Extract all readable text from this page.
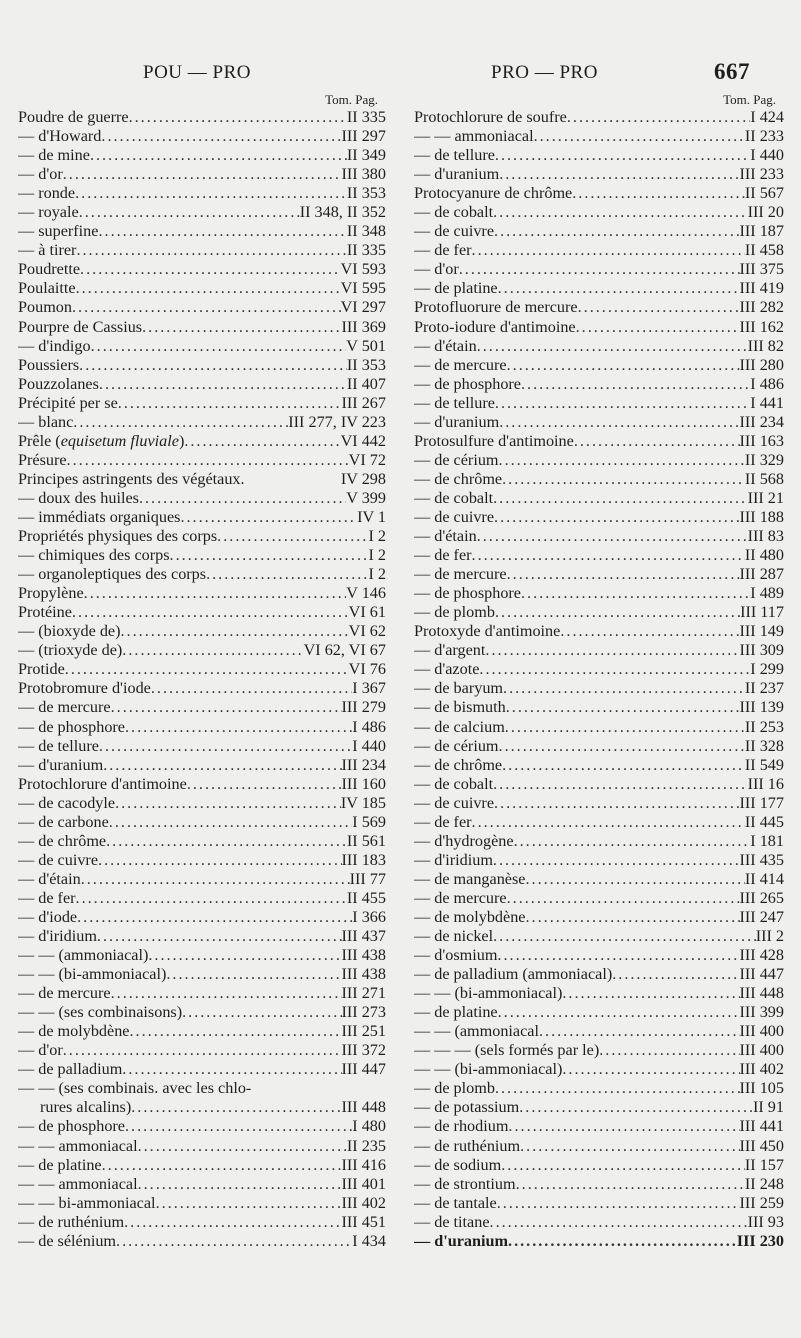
POU — PRO	PRO — PRO	667
Tom. Pag.
Poudre de guerre .....	II 335
— d'Howard .....	III 297
— de mine .....	II 349
— d'or .....	III 380
— ronde .....	II 353
— royale .....	II 348, II 352
— superfine .....	II 348
— à tirer .....	II 335
Poudrette .....	VI 593
Poulaitte .....	VI 595
Poumon .....	VI 297
Pourpre de Cassius .....	III 369
— d'indigo .....	V 501
Poussiers .....	II 353
Pouzzolanes .....	II 407
Précipité per se .....	III 267
— blanc .....	III 277, IV 223
Prêle (equisetum fluviale) .....	VI 442
Présure .....	VI 72
Principes astringents des végétaux.	IV 298
— doux des huiles .....	V 399
— immédiats organiques .....	IV 1
Propriétés physiques des corps .....	I 2
— chimiques des corps .....	I 2
— organoleptiques des corps .....	I 2
Propylène .....	V 146
Protéine .....	VI 61
— (bioxyde de) .....	VI 62
— (trioxyde de) .....	VI 62, VI 67
Protide .....	VI 76
Protobromure d'iode .....	I 367
— de mercure .....	III 279
— de phosphore .....	I 486
— de tellure .....	I 440
— d'uranium .....	III 234
Protochlorure d'antimoine .....	III 160
— de cacodyle .....	IV 185
— de carbone .....	I 569
— de chrôme .....	II 561
— de cuivre .....	III 183
— d'étain .....	III 77
— de fer .....	II 455
— d'iode .....	I 366
— d'iridium .....	III 437
— — (ammoniacal) .....	III 438
— — (bi-ammoniacal) .....	III 438
— de mercure .....	III 271
— — (ses combinaisons) .....	III 273
— de molybdène .....	III 251
— d'or .....	III 372
— de palladium .....	III 447
— — (ses combinais. avec les chlo-
rures alcalins) .....	III 448
— de phosphore .....	I 480
— — ammoniacal .....	II 235
— de platine .....	III 416
— — ammoniacal .....	III 401
— — bi-ammoniacal .....	III 402
— de ruthénium .....	III 451
— de sélénium .....	I 434
Tom. Pag.
Protochlorure de soufre .....	I 424
— — ammoniacal .....	II 233
— de tellure .....	I 440
— d'uranium .....	III 233
Protocyanure de chrôme .....	II 567
— de cobalt .....	III 20
— de cuivre .....	III 187
— de fer .....	II 458
— d'or .....	III 375
— de platine .....	III 419
Protofluorure de mercure .....	III 282
Proto-iodure d'antimoine .....	III 162
— d'étain .....	III 82
— de mercure .....	III 280
— de phosphore .....	I 486
— de tellure .....	I 441
— d'uranium .....	III 234
Protosulfure d'antimoine .....	III 163
— de cérium .....	II 329
— de chrôme .....	II 568
— de cobalt .....	III 21
— de cuivre .....	III 188
— d'étain .....	III 83
— de fer .....	II 480
— de mercure .....	III 287
— de phosphore .....	I 489
— de plomb .....	III 117
Protoxyde d'antimoine .....	III 149
— d'argent .....	III 309
— d'azote .....	I 299
— de baryum .....	II 237
— de bismuth .....	III 139
— de calcium .....	II 253
— de cérium .....	II 328
— de chrôme .....	II 549
— de cobalt .....	III 16
— de cuivre .....	III 177
— de fer .....	II 445
— d'hydrogène .....	I 181
— d'iridium .....	III 435
— de manganèse .....	II 414
— de mercure .....	III 265
— de molybdène .....	III 247
— de nickel .....	III 2
— d'osmium .....	III 428
— de palladium (ammoniacal) .....	III 447
— — (bi-ammoniacal) .....	III 448
— de platine .....	III 399
— — (ammoniacal .....	III 400
— — — (sels formés par le) .....	III 400
— — (bi-ammoniacal) .....	III 402
— de plomb .....	III 105
— de potassium .....	II 91
— de rhodium .....	III 441
— de ruthénium .....	III 450
— de sodium .....	II 157
— de strontium .....	II 248
— de tantale .....	III 259
— de titane .....	III 93
— d'uranium .....	III 230
